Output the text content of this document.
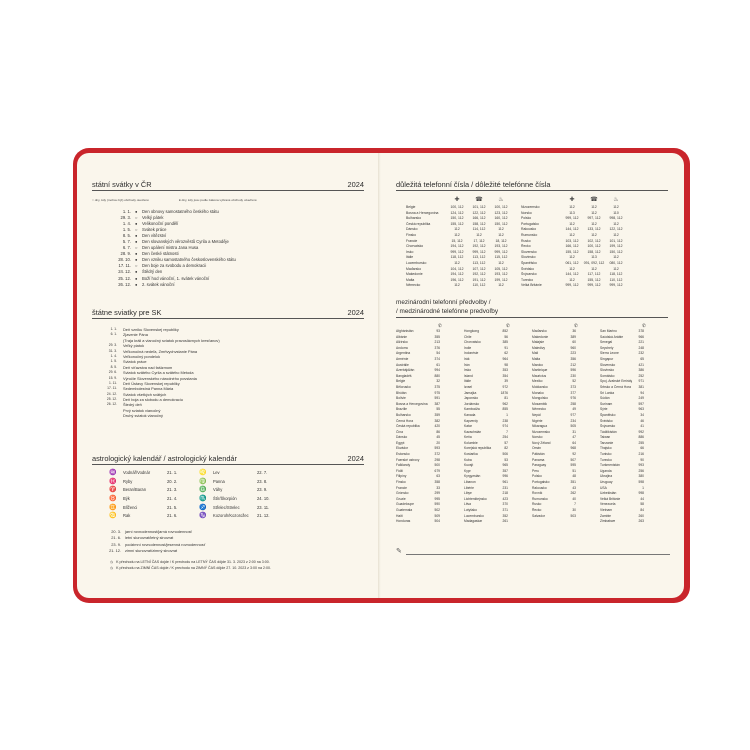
státní svátky v ČR	2024
○ dny, kdy (mohou být) obchody otevřené	● dny, kdy jsou podle zákona vybrané obchody uzavřené
1. 1.	●	Den obnovy samostatného českého státu
29. 3.	○	Velký pátek
1. 4.	●	Velikonoční pondělí
1. 5.	○	Svátek práce
8. 5.	●	Den vítězství
5. 7.	●	Den slovanských věrozvěstů Cyrila a Metoděje
6. 7.	○	Den upálení mistra Jana Husa
28. 9.	●	Den české státnosti
28. 10.	●	Den vzniku samostatného československého státu
17. 11.	○	Den boje za svobodu a demokracii
24. 12.	●	Štědrý den
25. 12.	●	Boží hod vánoční, 1. svátek vánoční
26. 12.	●	2. svátek vánoční
štátne sviatky pre SK	2024
1. 1.	Deň vzniku Slovenskej republiky
6. 1.	Zjavenie Pána
(Traja králi a vianočný sviatok pravoslávnych kresťanov)
29. 3.	Veľký piatok
31. 3.	Veľkonočná nedeľa, Zmŕtvychvstanie Pána
1. 4.	Veľkonočný pondelok
1. 5.	Sviatok práce
8. 5.	Deň víťazstva nad fašizmom
29. 6.	Sviatok svätého Cyrila a svätého Metoda
15. 9.	Výročie Slovenského národného povstania
1. 11.	Deň Ústavy Slovenskej republiky
17. 11.	Sedembolestná Panna Mária
24. 12.	Sviatok všetkých svätých
25. 12.	Deň boja za slobodu a demokraciu
26. 12.	Štedrý deň
Prvý sviatok vianočný
Druhý sviatok vianočný
astrologický kalendář / astrologický kalendár	2024
♒	Vodnář/Vodnár	21. 1.	♌	Lev	22. 7.
♓	Ryby	20. 2.	♍	Panna	23. 8.
♈	Beran/Baran	21. 3.	♎	Váhy	23. 9.
♉	Býk	21. 4.	♏	Štír/Škorpión	24. 10.
♊	Blíženci	21. 5.	♐	Střelec/Strelec	23. 11.
♋	Rak	21. 6.	♑	Kozoroh/Kozorožec	21. 12.
20. 3.	jarní rovnodennost/jarná rovnodennosť
21. 6.	letní slunovrat/letný slnovrat
23. 9.	podzimní rovnodennost/jesenná rovnodennosť
21. 12.	zimní slunovrat/zimný slnovrat
◷ K přechodu na LETNÍ ČAS dojde / K prechodu na LETNÝ ČAS dôjde 31. 3. 2023 z 2:00 na 3:00.
◷ K přechodu na ZIMNÍ ČAS dojde / K prechodu na ZIMNÝ ČAS dôjde 27. 10. 2023 z 3:00 na 2:00.
důležitá telefonní čísla / dôležité telefónne čísla
✚	☎	♨	✚	☎	♨
Belgie	100, 112	101, 112	100, 112	Nizozemsko	112	112	112
Bosna a Hercegovina	124, 112	122, 112	123, 112	Norsko	113	112	110
Bulharsko	150, 112	166, 112	160, 112	Polsko	999, 112	997, 112	998, 112
Česká republika	155, 112	158, 112	150, 112	Portugalsko	112	112	112
Dánsko	112	114, 112	112	Rakousko	144, 112	133, 112	122, 112
Finsko	112	112	112	Rumunsko	112	112	112
Francie	15, 112	17, 112	18, 112	Rusko	103, 112	102, 112	101, 112
Chorvatsko	194, 112	192, 112	193, 112	Řecko	166, 112	100, 112	199, 112
Irsko	999, 112	999, 112	999, 112	Slovensko	155, 112	158, 112	150, 112
Itálie	118, 112	113, 112	115, 112	Slovinsko	112	113	112
Lucembursko	112	113, 112	112	Španělsko	061, 112	091, 092, 112	080, 112
Maďarsko	104, 112	107, 112	105, 112	Švédsko	112	112	112
Makedonie	194, 112	192, 112	193, 112	Švýcarsko	144, 112	117, 112	118, 112
Malta	196, 112	191, 112	199, 112	Turecko	112	155, 112	110, 112
Německo	112	110, 112	112	Velká Británie	999, 112	999, 112	999, 112
mezinárodní telefonní předvolby /
/ medzinárodné telefónne predvoľby
✆
Afghánistán	93
Albánie	355
Alžírsko	213
Andorra	376
Argentina	54
Arménie	374
Austrálie	61
Ázerbájdžán	994
Bangladéš	880
Belgie	32
Bělorusko	375
Bhútán	975
Bolívie	591
Bosna a Hercegovina	387
Brazílie	55
Bulharsko	359
Černá Hora	382
Česká republika	420
Čína	86
Dánsko	45
Egypt	20
Ekvádor	593
Estonsko	372
Faerské ostrovy	298
Falklandy	500
Fidži	679
Filipíny	63
Finsko	358
Francie	33
Grónsko	299
Gruzie	995
Guadeloupe	590
Guatemala	502
Haiti	509
Honduras	504
✆
Hongkong	852
Chile	56
Chorvatsko	385
Indie	91
Indonésie	62
Irák	964
Írán	98
Irsko	353
Island	354
Itálie	39
Izrael	972
Jamajka	1876
Japonsko	81
Jordánsko	962
Kambodža	855
Kanada	1
Kapverdy	238
Katar	974
Kazachstán	7
Keňa	254
Kolumbie	57
Korejská republika	82
Kostarika	506
Kuba	53
Kuvajt	965
Kypr	357
Kyrgyzstán	996
Libanon	961
Libérie	231
Libye	218
Lichtenštejnsko	423
Litva	370
Lotyšsko	371
Lucembursko	352
Madagaskar	261
✆
Maďarsko	36
Makedonie	389
Malajsie	60
Maledivy	960
Mali	223
Malta	356
Maroko	212
Martinique	596
Mauricius	230
Mexiko	52
Moldavsko	373
Monako	377
Mongolsko	976
Mosambik	258
Německo	49
Nepál	977
Nigérie	234
Nikaragua	505
Nizozemsko	31
Norsko	47
Nový Zéland	64
Omán	968
Pákistán	92
Panama	507
Paraguay	595
Peru	51
Polsko	48
Portugalsko	351
Rakousko	43
Rovník	262
Rumunsko	40
Rusko	7
Řecko	30
Salvador	503
✆
San Marino	378
Saúdská Arábie	966
Senegal	221
Seychely	248
Sierra Leone	232
Singapur	65
Slovensko	421
Slovinsko	386
Somálsko	252
Spoj. Arabské Emiráty	971
Srbsko a Černá Hora	381
Srí Lanka	94
Súdán	249
Surinam	597
Sýrie	963
Španělsko	34
Švédsko	46
Švýcarsko	41
Tádžikistán	992
Taiwan	886
Tanzanie	255
Thajsko	66
Tunisko	216
Turecko	90
Turkmenistán	993
Uganda	256
Ukrajina	380
Uruguay	598
USA	1
Uzbekistán	998
Velká Británie	44
Venezuela	58
Vietnam	84
Zambie	260
Zimbabwe	263
✎
